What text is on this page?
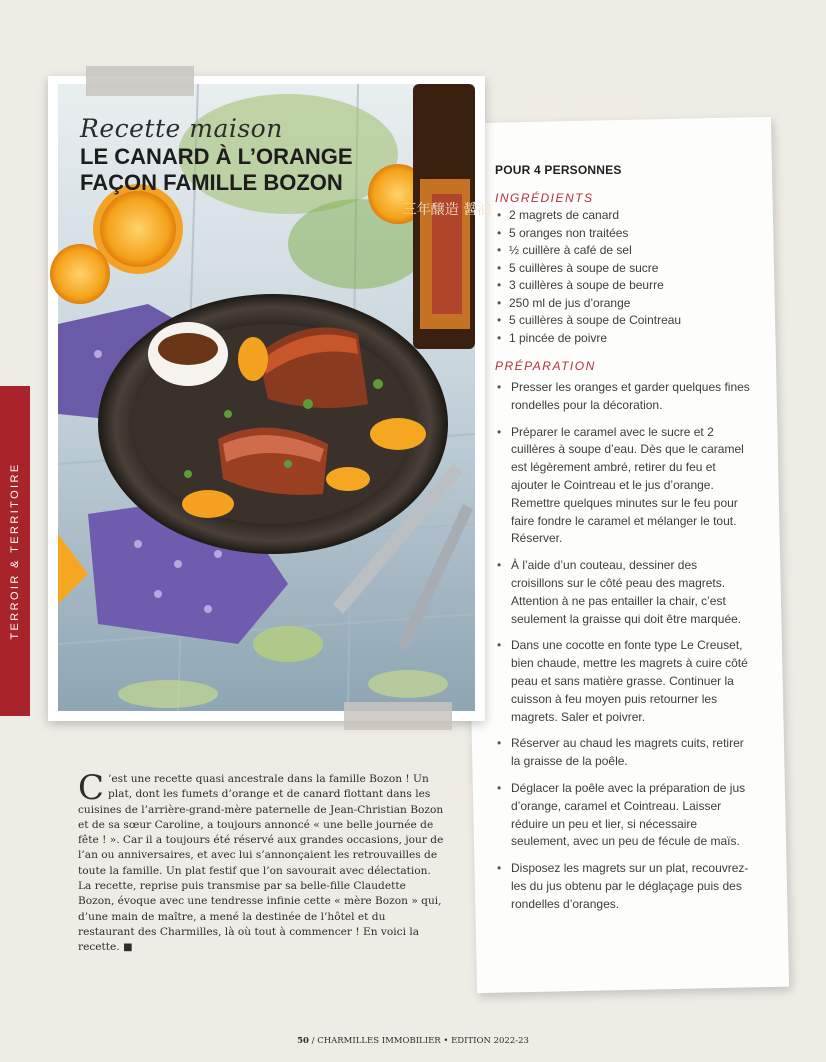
TERROIR & TERRITOIRE
三年醸造 醤油
Recette maison
LE CANARD À L’ORANGE
FAÇON FAMILLE BOZON	POUR 4 PERSONNES
INGRÉDIENTS
• 2 magrets de canard
• 5 oranges non traitées
• ½ cuillère à café de sel
• 5 cuillères à soupe de sucre
• 3 cuillères à soupe de beurre
• 250 ml de jus d’orange
• 5 cuillères à soupe de Cointreau
• 1 pincée de poivre
PRÉPARATION
• Presser les oranges et garder quelques fines rondelles pour la décoration.
• Préparer le caramel avec le sucre et 2 cuillères à soupe d’eau. Dès que le caramel est légèrement ambré, retirer du feu et ajouter le Cointreau et le jus d’orange. Remettre quelques minutes sur le feu pour faire fondre le caramel et mélanger le tout. Réserver.
• À l’aide d’un couteau, dessiner des croisillons sur le côté peau des magrets. Attention à ne pas entailler la chair, c’est seulement la graisse qui doit être marquée.
• Dans une cocotte en fonte type Le Creuset, bien chaude, mettre les magrets à cuire côté peau et sans matière grasse. Continuer la cuisson à feu moyen puis retourner les magrets. Saler et poivrer.
• Réserver au chaud les magrets cuits, retirer la graisse de la poêle.
• Déglacer la poêle avec la préparation de jus d’orange, caramel et Cointreau. Laisser réduire un peu et lier, si nécessaire seulement, avec un peu de fécule de maïs.
• Disposez les magrets sur un plat, recouvrez-les du jus obtenu par le déglaçage puis des rondelles d’oranges.
C ’est une recette quasi ancestrale dans la famille Bozon ! Un plat, dont les fumets d’orange et de canard flottant dans les cuisines de l’arrière-grand-mère paternelle de Jean-Christian Bozon et de sa sœur Caroline, a toujours annoncé « une belle journée de fête ! ». Car il a toujours été réservé aux grandes occasions, jour de l’an ou anniversaires, et avec lui s’annonçaient les retrouvailles de toute la famille. Un plat festif que l’on savourait avec délectation. La recette, reprise puis transmise par sa belle-fille Claudette Bozon, évoque avec une tendresse infinie cette « mère Bozon » qui, d’une main de maître, a mené la destinée de l’hôtel et du restaurant des Charmilles, là où tout à commencer ! En voici la recette. ■
50 / CHARMILLES IMMOBILIER • EDITION 2022-23
